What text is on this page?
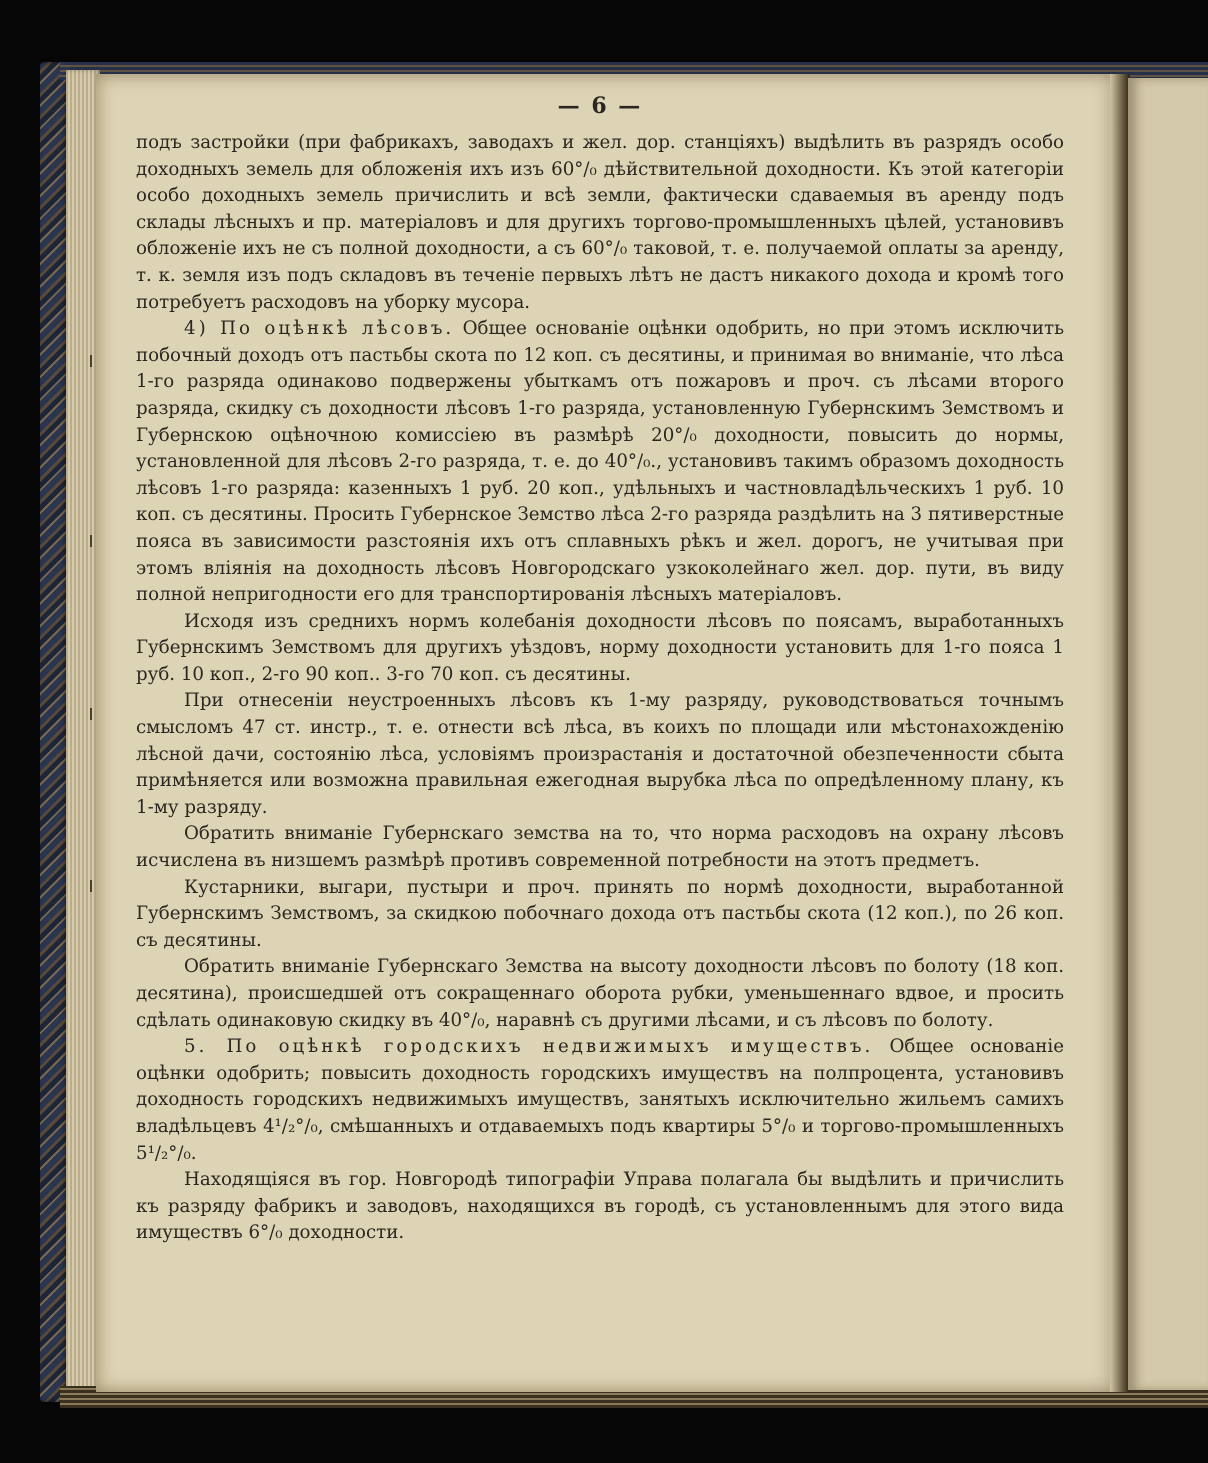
— 6 —

подъ застройки (при фабрикахъ, заводахъ и жел. дор. станціяхъ) выдѣлить въ разрядъ особо доходныхъ земель для обложенія ихъ изъ 60°/₀ дѣйствительной доходности. Къ этой категоріи особо доходныхъ земель причислить и всѣ земли, фактически сдаваемыя въ аренду подъ склады лѣсныхъ и пр. матеріаловъ и для другихъ торгово-промышленныхъ цѣлей, установивъ обложеніе ихъ не съ полной доходности, а съ 60°/₀ таковой, т. е. получаемой оплаты за аренду, т. к. земля изъ подъ складовъ въ теченіе первыхъ лѣтъ не дастъ никакого дохода и кромѣ того потребуетъ расходовъ на уборку мусора.

4) По оцѣнкѣ лѣсовъ. Общее основаніе оцѣнки одобрить, но при этомъ исключить побочный доходъ отъ пастьбы скота по 12 коп. съ десятины, и принимая во вниманіе, что лѣса 1-го разряда одинаково подвержены убыткамъ отъ пожаровъ и проч. съ лѣсами второго разряда, скидку съ доходности лѣсовъ 1-го разряда, установленную Губернскимъ Земствомъ и Губернскою оцѣночною комиссіею въ размѣрѣ 20°/₀ доходности, повысить до нормы, установленной для лѣсовъ 2-го разряда, т. е. до 40°/₀., установивъ такимъ образомъ доходность лѣсовъ 1-го разряда: казенныхъ 1 руб. 20 коп., удѣльныхъ и частновладѣльческихъ 1 руб. 10 коп. съ десятины. Просить Губернское Земство лѣса 2-го разряда раздѣлить на 3 пятиверстные пояса въ зависимости разстоянія ихъ отъ сплавныхъ рѣкъ и жел. дорогъ, не учитывая при этомъ вліянія на доходность лѣсовъ Новгородскаго узкоколейнаго жел. дор. пути, въ виду полной непригодности его для транспортированія лѣсныхъ матеріаловъ.

Исходя изъ среднихъ нормъ колебанія доходности лѣсовъ по поясамъ, выработанныхъ Губернскимъ Земствомъ для другихъ уѣздовъ, норму доходности установить для 1-го пояса 1 руб. 10 коп., 2-го 90 коп.. 3-го 70 коп. съ десятины.

При отнесеніи неустроенныхъ лѣсовъ къ 1-му разряду, руководствоваться точнымъ смысломъ 47 ст. инстр., т. е. отнести всѣ лѣса, въ коихъ по площади или мѣстонахожденію лѣсной дачи, состоянію лѣса, условіямъ произрастанія и достаточной обезпеченности сбыта примѣняется или возможна правильная ежегодная вырубка лѣса по опредѣленному плану, къ 1-му разряду.

Обратить вниманіе Губернскаго земства на то, что норма расходовъ на охрану лѣсовъ исчислена въ низшемъ размѣрѣ противъ современной потребности на этотъ предметъ.

Кустарники, выгари, пустыри и проч. принять по нормѣ доходности, выработанной Губернскимъ Земствомъ, за скидкою побочнаго дохода отъ пастьбы скота (12 коп.), по 26 коп. съ десятины.

Обратить вниманіе Губернскаго Земства на высоту доходности лѣсовъ по болоту (18 коп. десятина), происшедшей отъ сокращеннаго оборота рубки, уменьшеннаго вдвое, и просить сдѣлать одинаковую скидку въ 40°/₀, наравнѣ съ другими лѣсами, и съ лѣсовъ по болоту.

5. По оцѣнкѣ городскихъ недвижимыхъ имуществъ. Общее основаніе оцѣнки одобрить; повысить доходность городскихъ имуществъ на полпроцента, установивъ доходность городскихъ недвижимыхъ имуществъ, занятыхъ исключительно жильемъ самихъ владѣльцевъ 4¹/₂°/₀, смѣшанныхъ и отдаваемыхъ подъ квартиры 5°/₀ и торгово-промышленныхъ 5¹/₂°/₀.

Находящіяся въ гор. Новгородѣ типографіи Управа полагала бы выдѣлить и причислить къ разряду фабрикъ и заводовъ, находящихся въ городѣ, съ установленнымъ для этого вида имуществъ 6°/₀ доходности.
